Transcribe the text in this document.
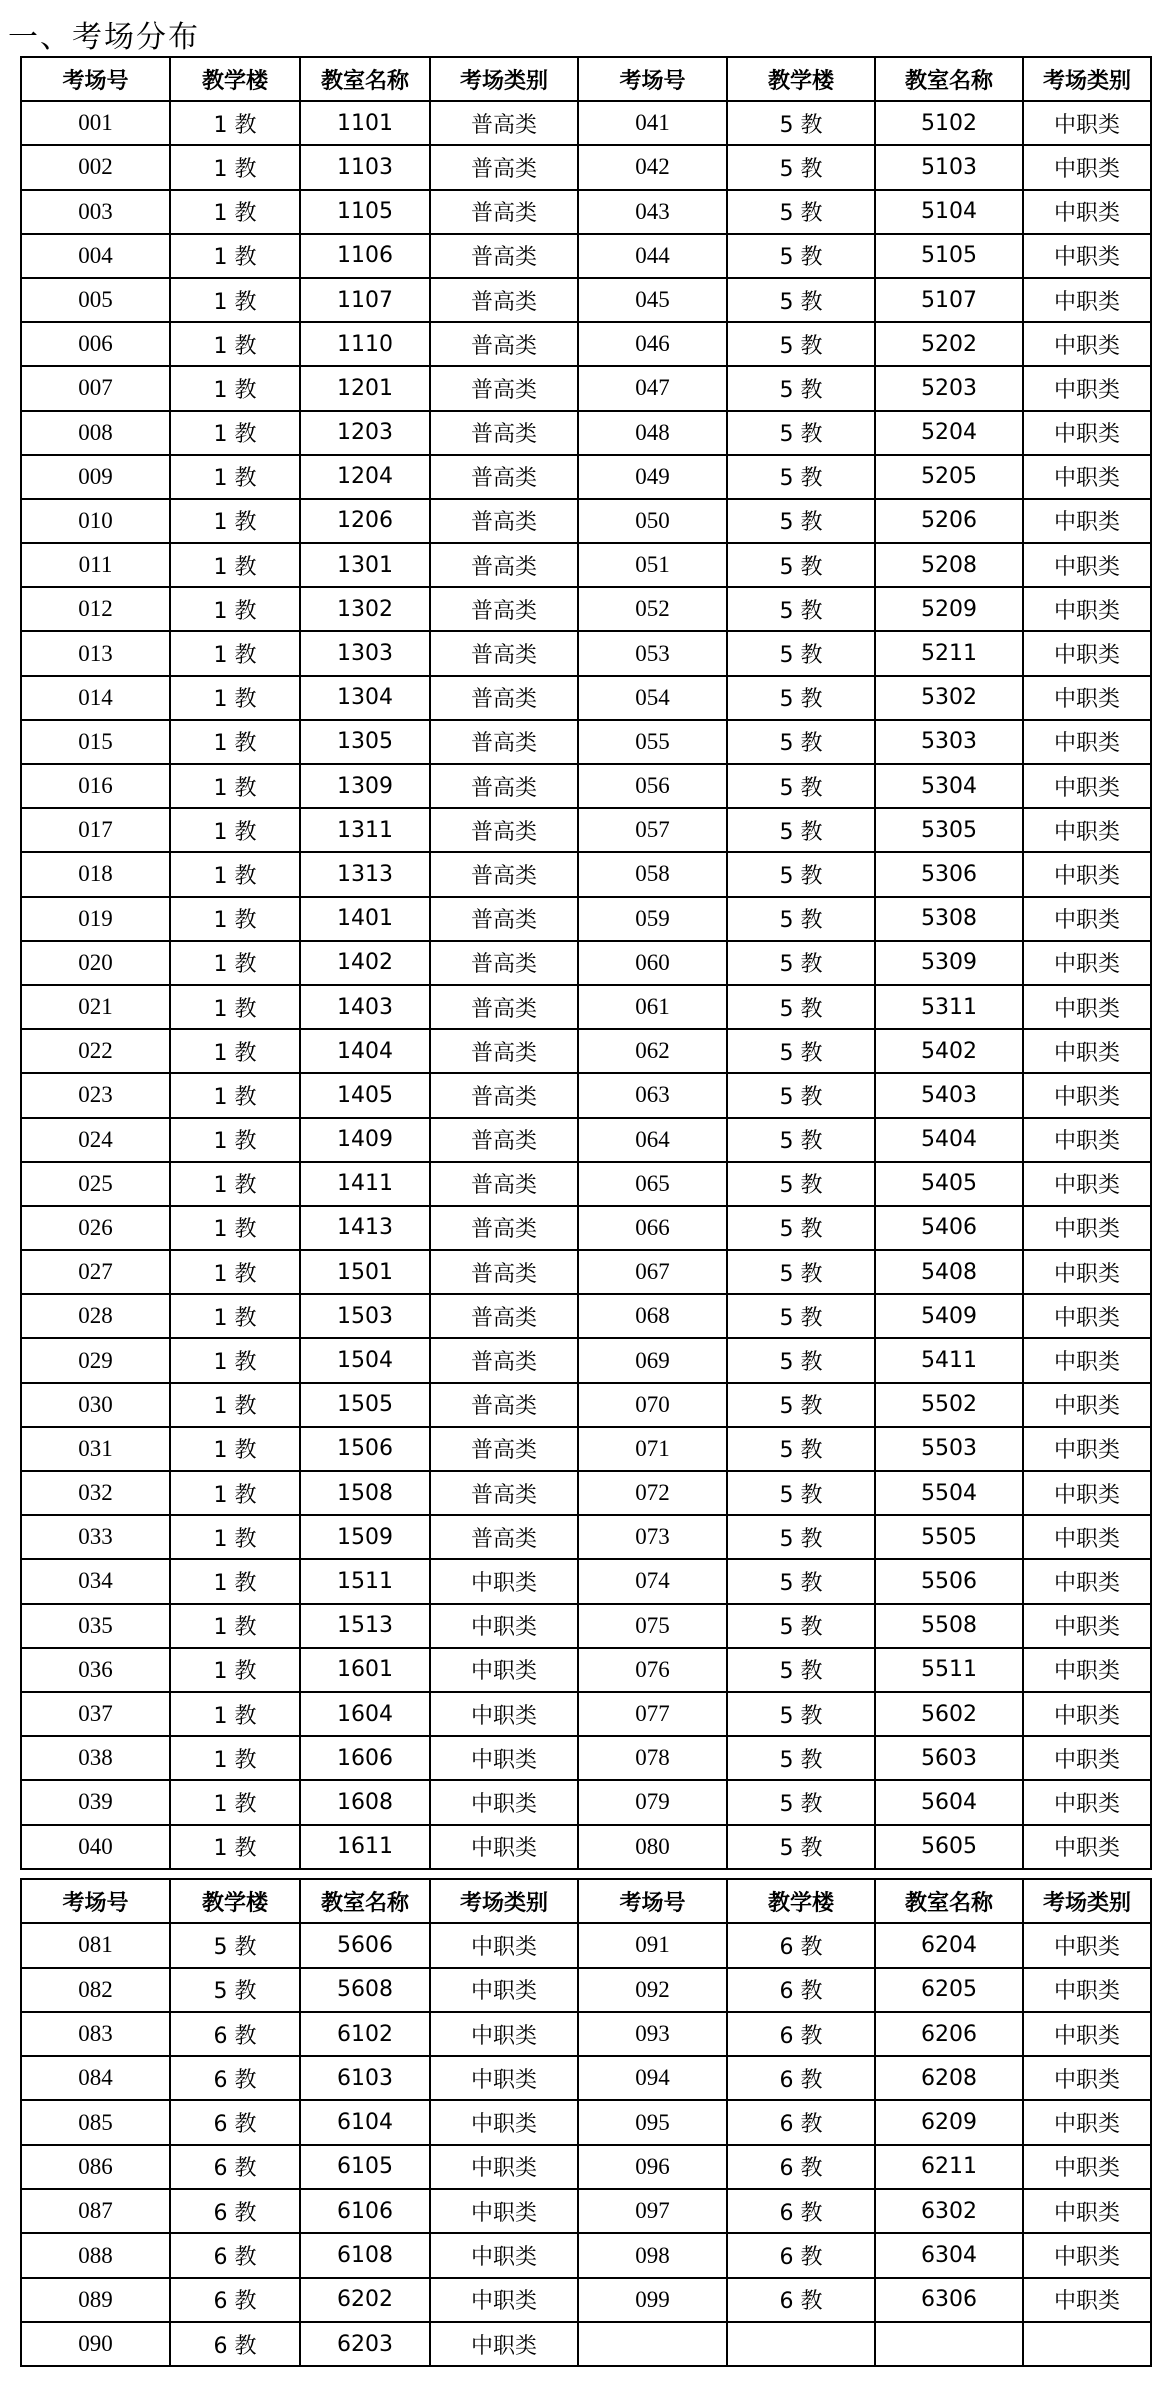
一、考场分布
考场号	教学楼	教室名称	考场类别	考场号	教学楼	教室名称	考场类别
001	1 教	1101	普高类	041	5 教	5102	中职类
002	1 教	1103	普高类	042	5 教	5103	中职类
003	1 教	1105	普高类	043	5 教	5104	中职类
004	1 教	1106	普高类	044	5 教	5105	中职类
005	1 教	1107	普高类	045	5 教	5107	中职类
006	1 教	1110	普高类	046	5 教	5202	中职类
007	1 教	1201	普高类	047	5 教	5203	中职类
008	1 教	1203	普高类	048	5 教	5204	中职类
009	1 教	1204	普高类	049	5 教	5205	中职类
010	1 教	1206	普高类	050	5 教	5206	中职类
011	1 教	1301	普高类	051	5 教	5208	中职类
012	1 教	1302	普高类	052	5 教	5209	中职类
013	1 教	1303	普高类	053	5 教	5211	中职类
014	1 教	1304	普高类	054	5 教	5302	中职类
015	1 教	1305	普高类	055	5 教	5303	中职类
016	1 教	1309	普高类	056	5 教	5304	中职类
017	1 教	1311	普高类	057	5 教	5305	中职类
018	1 教	1313	普高类	058	5 教	5306	中职类
019	1 教	1401	普高类	059	5 教	5308	中职类
020	1 教	1402	普高类	060	5 教	5309	中职类
021	1 教	1403	普高类	061	5 教	5311	中职类
022	1 教	1404	普高类	062	5 教	5402	中职类
023	1 教	1405	普高类	063	5 教	5403	中职类
024	1 教	1409	普高类	064	5 教	5404	中职类
025	1 教	1411	普高类	065	5 教	5405	中职类
026	1 教	1413	普高类	066	5 教	5406	中职类
027	1 教	1501	普高类	067	5 教	5408	中职类
028	1 教	1503	普高类	068	5 教	5409	中职类
029	1 教	1504	普高类	069	5 教	5411	中职类
030	1 教	1505	普高类	070	5 教	5502	中职类
031	1 教	1506	普高类	071	5 教	5503	中职类
032	1 教	1508	普高类	072	5 教	5504	中职类
033	1 教	1509	普高类	073	5 教	5505	中职类
034	1 教	1511	中职类	074	5 教	5506	中职类
035	1 教	1513	中职类	075	5 教	5508	中职类
036	1 教	1601	中职类	076	5 教	5511	中职类
037	1 教	1604	中职类	077	5 教	5602	中职类
038	1 教	1606	中职类	078	5 教	5603	中职类
039	1 教	1608	中职类	079	5 教	5604	中职类
040	1 教	1611	中职类	080	5 教	5605	中职类
考场号	教学楼	教室名称	考场类别	考场号	教学楼	教室名称	考场类别
081	5 教	5606	中职类	091	6 教	6204	中职类
082	5 教	5608	中职类	092	6 教	6205	中职类
083	6 教	6102	中职类	093	6 教	6206	中职类
084	6 教	6103	中职类	094	6 教	6208	中职类
085	6 教	6104	中职类	095	6 教	6209	中职类
086	6 教	6105	中职类	096	6 教	6211	中职类
087	6 教	6106	中职类	097	6 教	6302	中职类
088	6 教	6108	中职类	098	6 教	6304	中职类
089	6 教	6202	中职类	099	6 教	6306	中职类
090	6 教	6203	中职类				
